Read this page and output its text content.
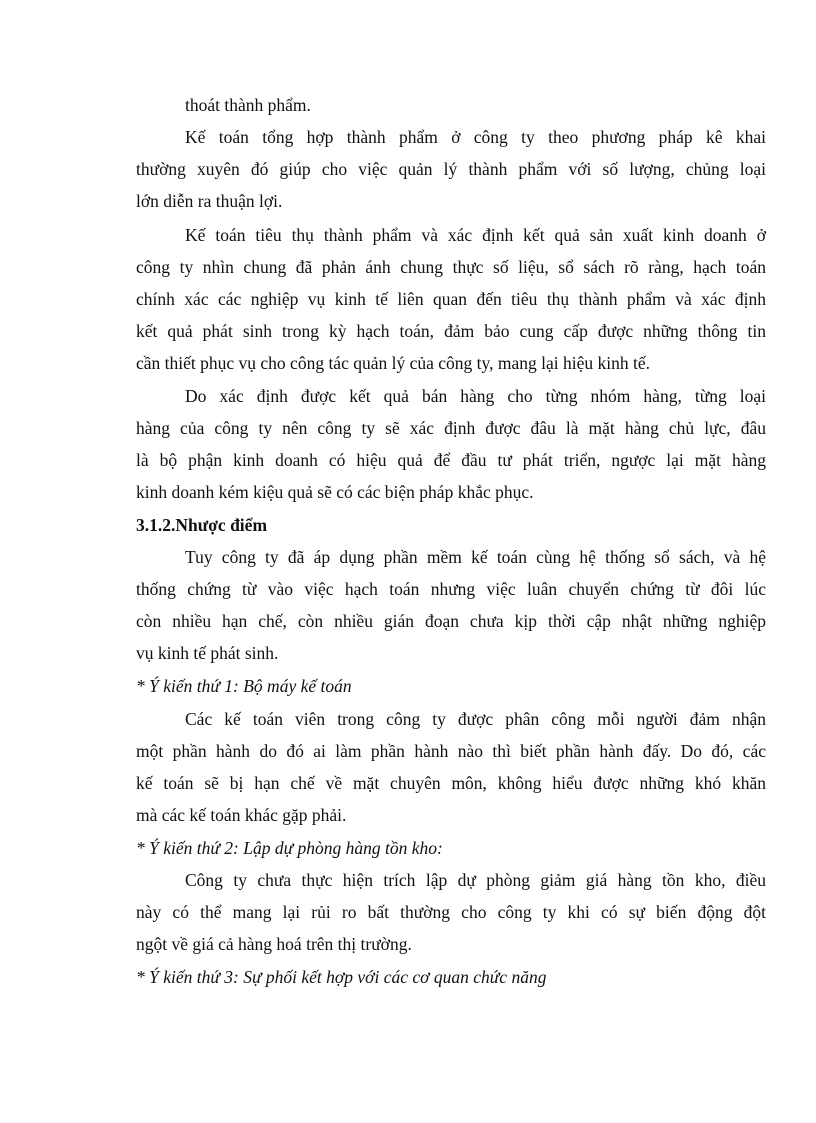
thoát thành phẩm.
Kế toán tổng hợp thành phẩm ở công ty theo phương pháp kê khai
thường xuyên đó giúp cho việc quản lý thành phẩm với số lượng, chủng loại
lớn diễn ra thuận lợi.
Kế toán tiêu thụ thành phẩm và xác định kết quả sản xuất kinh doanh ở
công ty nhìn chung đã phản ánh chung thực số liệu, sổ sách rõ ràng, hạch toán
chính xác các nghiệp vụ kinh tế liên quan đến tiêu thụ thành phẩm và xác định
kết quả phát sinh trong kỳ hạch toán, đảm bảo cung cấp được những thông tin
cần thiết phục vụ cho công tác quản lý của công ty, mang lại hiệu kinh tế.
Do xác định được kết quả bán hàng cho từng nhóm hàng, từng loại
hàng của công ty nên công ty sẽ xác định được đâu là mặt hàng chủ lực, đâu
là bộ phận kinh doanh có hiệu quả để đầu tư phát triển, ngược lại mặt hàng
kinh doanh kém kiệu quả sẽ có các biện pháp khắc phục.
3.1.2.Nhược điểm
Tuy công ty đã áp dụng phần mềm kế toán cùng hệ thống sổ sách, và hệ
thống chứng từ vào việc hạch toán nhưng việc luân chuyển chứng từ đôi lúc
còn nhiều hạn chế, còn nhiều gián đoạn chưa kịp thời cập nhật những nghiệp
vụ kinh tế phát sinh.
* Ý kiến thứ 1: Bộ máy kế toán
Các kế toán viên trong công ty được phân công mỗi người đảm nhận
một phần hành do đó ai làm phần hành nào thì biết phần hành đấy. Do đó, các
kế toán sẽ bị hạn chế về mặt chuyên môn, không hiểu được những khó khăn
mà các kế toán khác gặp phải.
* Ý kiến thứ 2: Lập dự phòng hàng tồn kho:
Công ty chưa thực hiện trích lập dự phòng giảm giá hàng tồn kho, điều
này có thể mang lại rủi ro bất thường cho công ty khi có sự biến động đột
ngột về giá cả hàng hoá trên thị trường.
* Ý kiến thứ 3: Sự phối kết hợp với các cơ quan chức năng
